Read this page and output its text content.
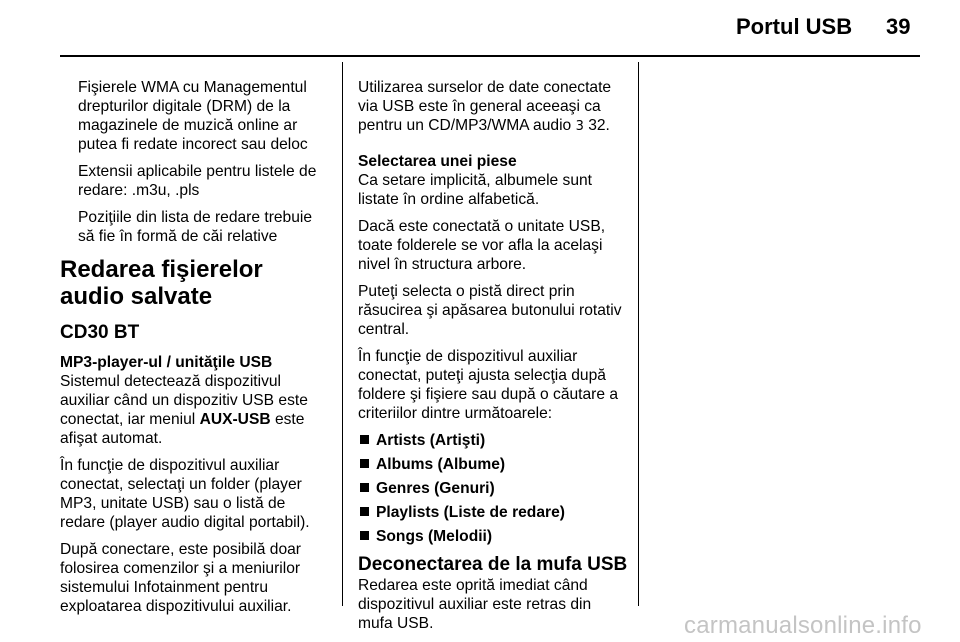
Portul USB 39

Fişierele WMA cu Managementul drepturilor digitale (DRM) de la magazinele de muzică online ar putea fi redate incorect sau deloc

Extensii aplicabile pentru listele de redare: .m3u, .pls

Poziţiile din lista de redare trebuie să fie în formă de căi relative

Redarea fişierelor audio salvate
CD30 BT

MP3-player-ul / unităţile USB
Sistemul detectează dispozitivul auxiliar când un dispozitiv USB este conectat, iar meniul AUX-USB este afişat automat.

În funcţie de dispozitivul auxiliar conectat, selectaţi un folder (player MP3, unitate USB) sau o listă de redare (player audio digital portabil).

După conectare, este posibilă doar folosirea comenzilor şi a meniurilor sistemului Infotainment pentru exploatarea dispozitivului auxiliar.

Utilizarea surselor de date conectate via USB este în general aceeaşi ca pentru un CD/MP3/WMA audio 3 32.

Selectarea unei piese
Ca setare implicită, albumele sunt listate în ordine alfabetică.

Dacă este conectată o unitate USB, toate folderele se vor afla la acelaşi nivel în structura arbore.

Puteţi selecta o pistă direct prin răsucirea şi apăsarea butonului rotativ central.

În funcţie de dispozitivul auxiliar conectat, puteţi ajusta selecţia după foldere şi fişiere sau după o căutare a criteriilor dintre următoarele:

Artists (Artişti)
Albums (Albume)
Genres (Genuri)
Playlists (Liste de redare)
Songs (Melodii)
Deconectarea de la mufa USB

Redarea este oprită imediat când dispozitivul auxiliar este retras din mufa USB.	carmanualsonline.info
